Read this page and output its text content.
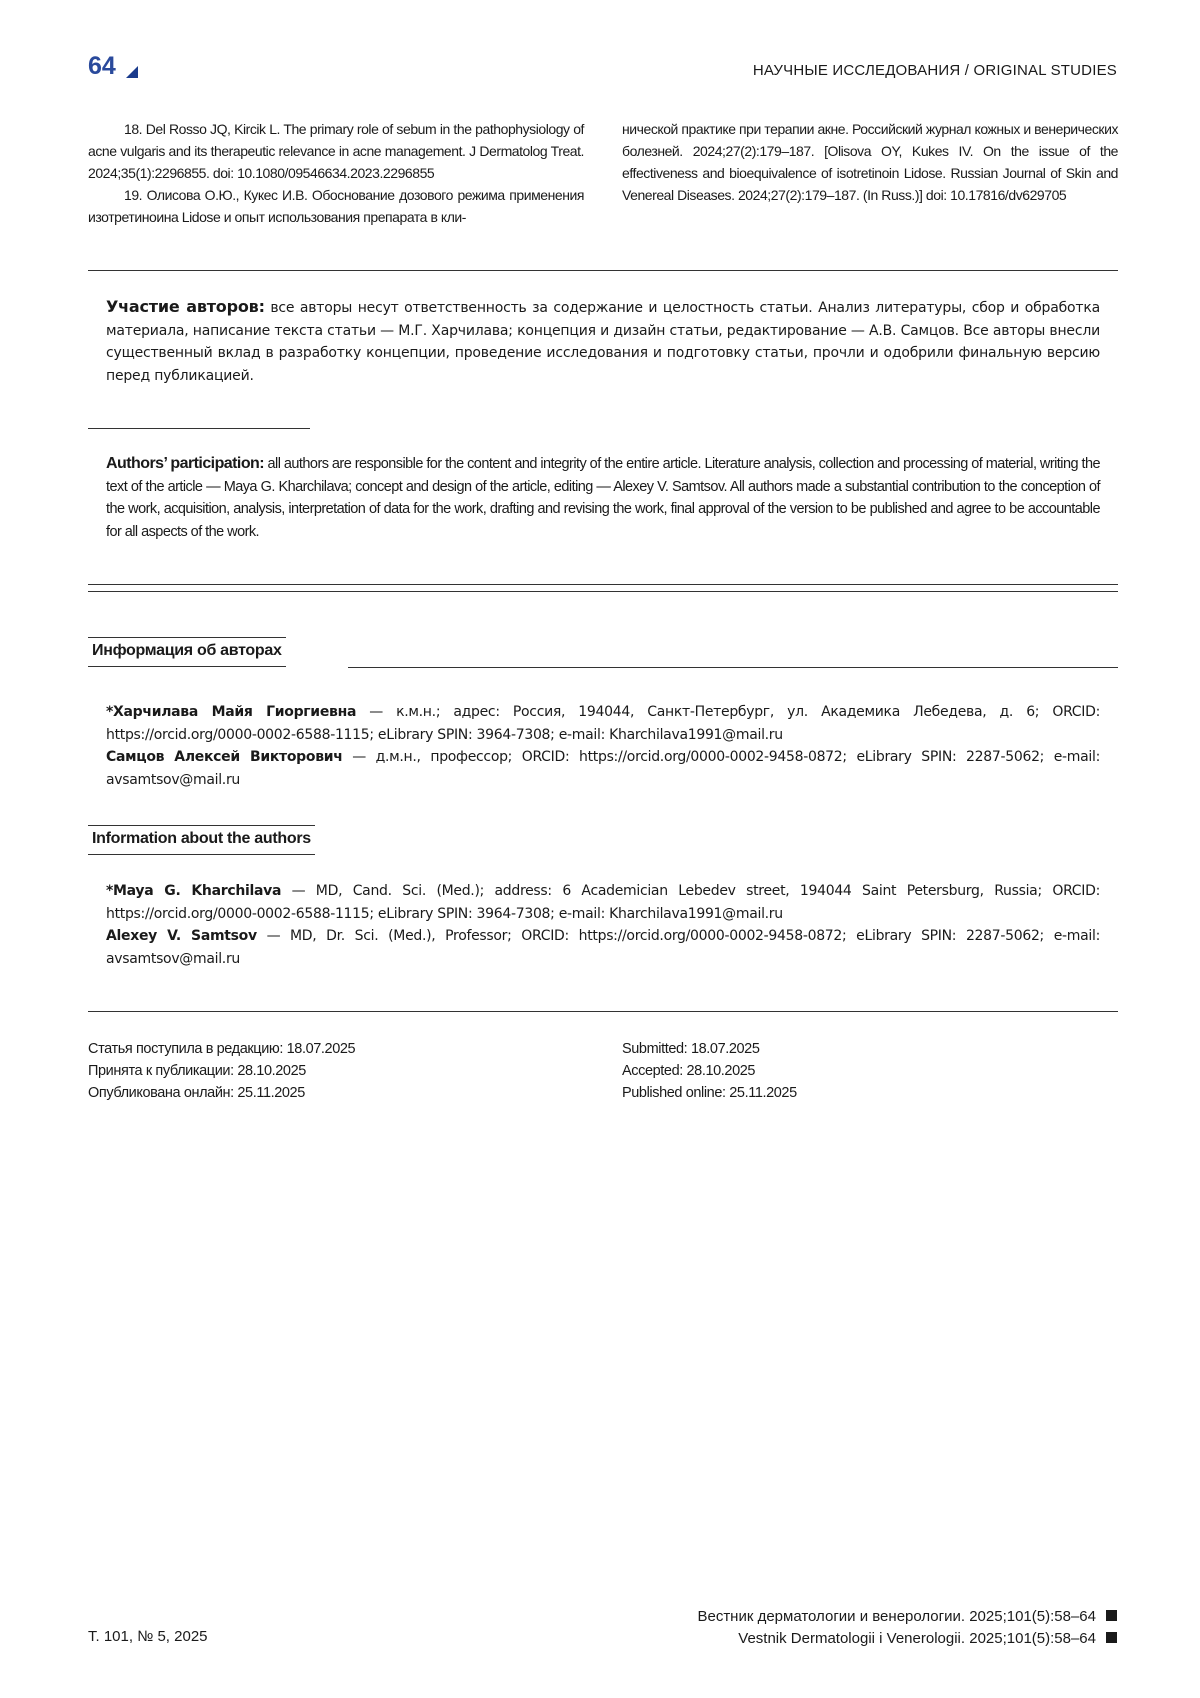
64	НАУЧНЫЕ ИССЛЕДОВАНИЯ / ORIGINAL STUDIES

18. Del Rosso JQ, Kircik L. The primary role of sebum in the pathophysiology of acne vulgaris and its therapeutic relevance in acne management. J Dermatolog Treat. 2024;35(1):2296855. doi: 10.1080/09546634.2023.2296855

19. Олисова О.Ю., Кукес И.В. Обоснование дозового режима применения изотретиноина Lidose и опыт использования препарата в кли-

нической практике при терапии акне. Российский журнал кожных и венерических болезней. 2024;27(2):179–187. [Olisova OY, Kukes IV. On the issue of the effectiveness and bioequivalence of isotretinoin Lidose. Russian Journal of Skin and Venereal Diseases. 2024;27(2):179–187. (In Russ.)] doi: 10.17816/dv629705

Участие авторов: все авторы несут ответственность за содержание и целостность статьи. Анализ литературы, сбор и обработка материала, написание текста статьи — М.Г. Харчилава; концепция и дизайн статьи, редактирование — А.В. Самцов. Все авторы внесли существенный вклад в разработку концепции, проведение исследования и подготовку статьи, прочли и одобрили финальную версию перед публикацией.
Authors’ participation: all authors are responsible for the content and integrity of the entire article. Literature analysis, collection and processing of material, writing the text of the article — Maya G. Kharchilava; concept and design of the article, editing — Alexey V. Samtsov. All authors made a substantial contribution to the conception of the work, acquisition, analysis, interpretation of data for the work, drafting and revising the work, final approval of the version to be published and agree to be accountable for all aspects of the work.
Информация об авторах

*Харчилава Майя Гиоргиевна — к.м.н.; адрес: Россия, 194044, Санкт-Петербург, ул. Академика Лебедева, д. 6; ORCID: https://orcid.org/0000-0002-6588-1115; eLibrary SPIN: 3964-7308; e-mail: Kharchilava1991@mail.ru

Самцов Алексей Викторович — д.м.н., профессор; ORCID: https://orcid.org/0000-0002-9458-0872; eLibrary SPIN: 2287-5062; e-mail: avsamtsov@mail.ru

Information about the authors

*Maya G. Kharchilava — MD, Cand. Sci. (Med.); address: 6 Academician Lebedev street, 194044 Saint Petersburg, Russia; ORCID: https://orcid.org/0000-0002-6588-1115; eLibrary SPIN: 3964-7308; e-mail: Kharchilava1991@mail.ru

Alexey V. Samtsov — MD, Dr. Sci. (Med.), Professor; ORCID: https://orcid.org/0000-0002-9458-0872; eLibrary SPIN: 2287-5062; e-mail: avsamtsov@mail.ru

Статья поступила в редакцию: 18.07.2025
Принята к публикации: 28.10.2025
Опубликована онлайн: 25.11.2025
Submitted: 18.07.2025
Accepted: 28.10.2025
Published online: 25.11.2025
Т. 101, № 5, 2025
Вестник дерматологии и венерологии. 2025;101(5):58–64
Vestnik Dermatologii i Venerologii. 2025;101(5):58–64
